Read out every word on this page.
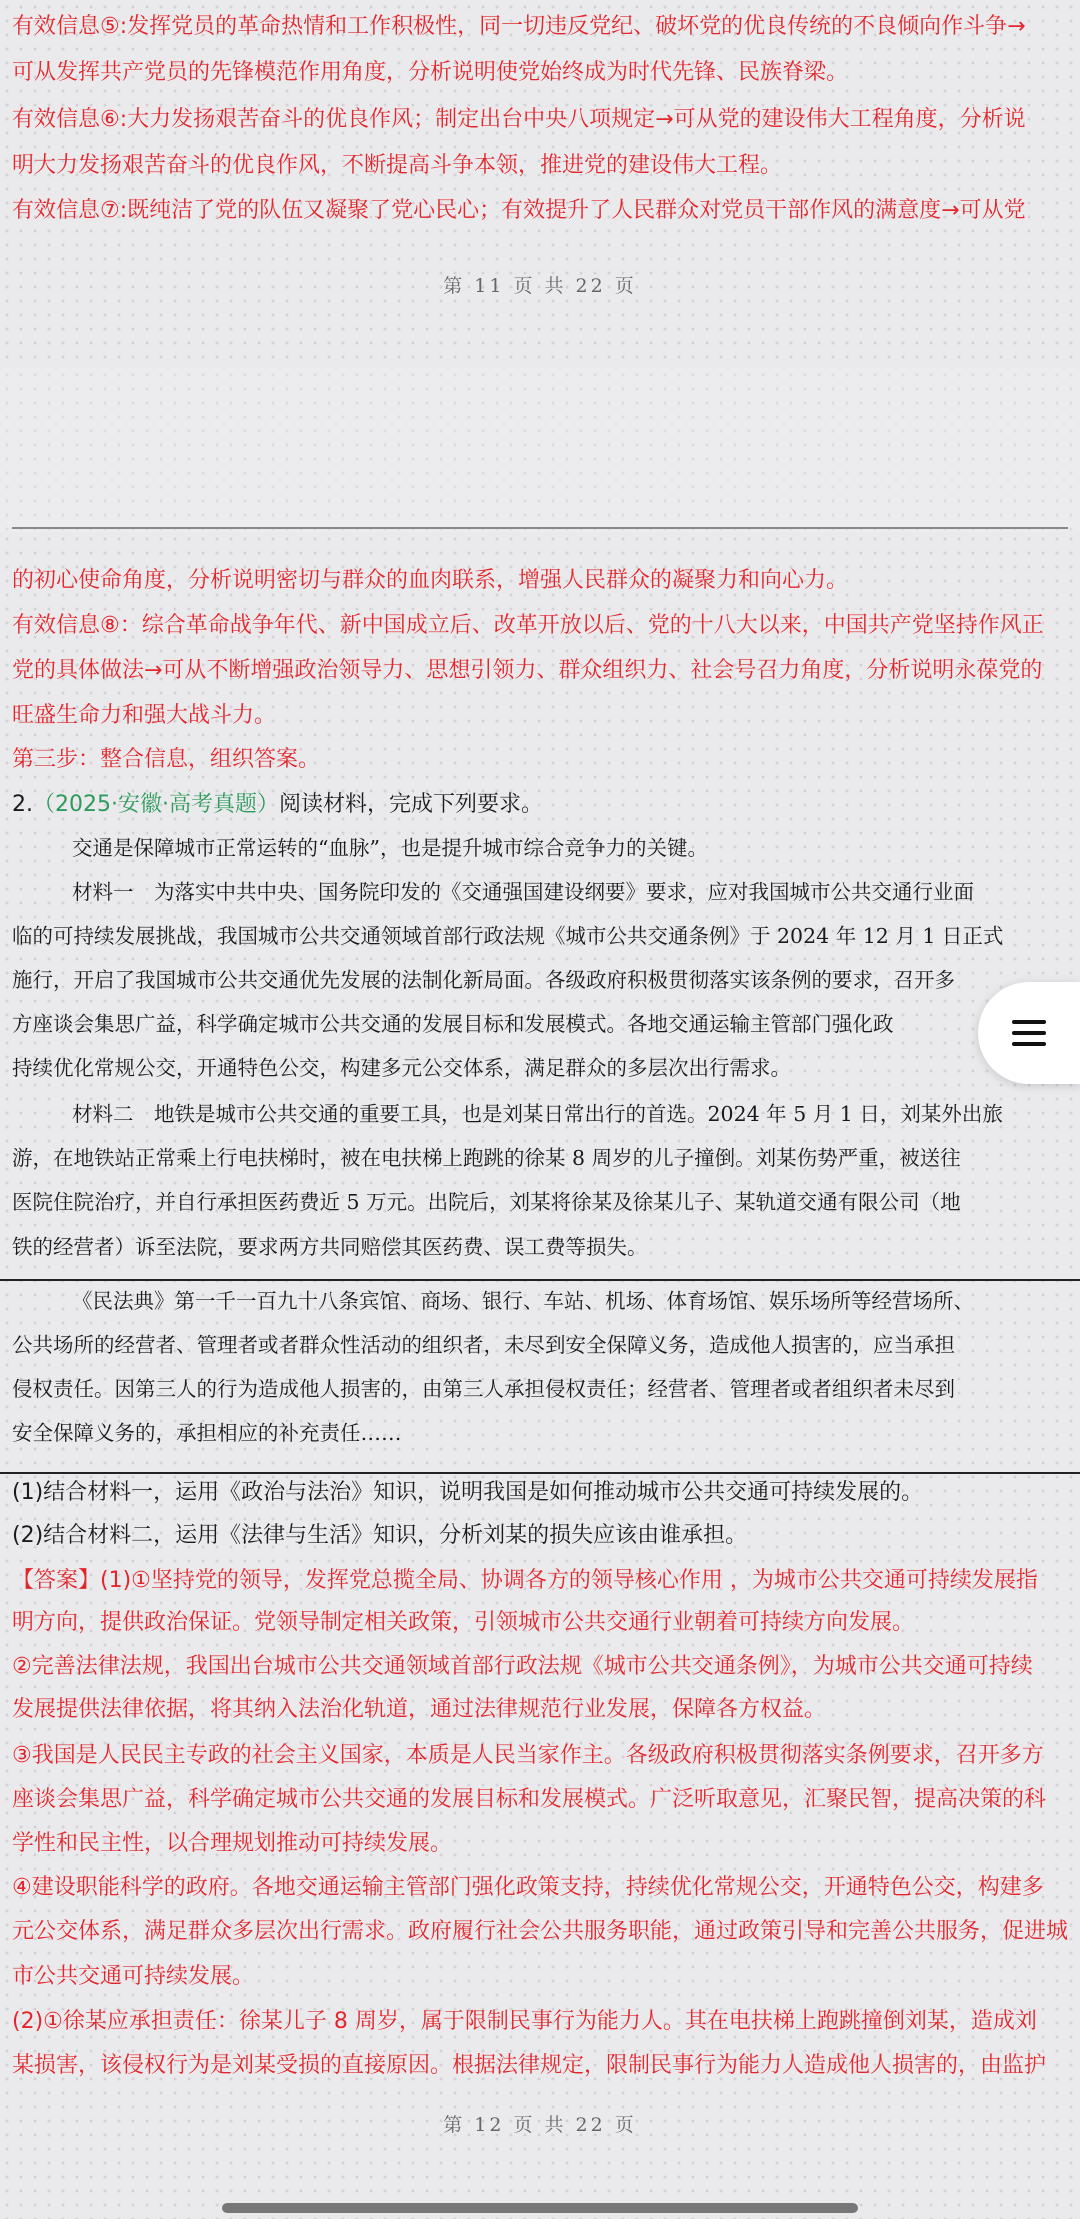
有效信息⑤:发挥党员的革命热情和工作积极性，同一切违反党纪、破坏党的优良传统的不良倾向作斗争→
可从发挥共产党员的先锋模范作用角度，分析说明使党始终成为时代先锋、民族脊梁。
有效信息⑥:大力发扬艰苦奋斗的优良作风；制定出台中央八项规定→可从党的建设伟大工程角度，分析说
明大力发扬艰苦奋斗的优良作风，不断提高斗争本领，推进党的建设伟大工程。
有效信息⑦:既纯洁了党的队伍又凝聚了党心民心；有效提升了人民群众对党员干部作风的满意度→可从党
第 11 页 共 22 页
的初心使命角度，分析说明密切与群众的血肉联系，增强人民群众的凝聚力和向心力。
有效信息⑧：综合革命战争年代、新中国成立后、改革开放以后、党的十八大以来，中国共产党坚持作风正
党的具体做法→可从不断增强政治领导力、思想引领力、群众组织力、社会号召力角度，分析说明永葆党的
旺盛生命力和强大战斗力。
第三步：整合信息，组织答案。
2.（2025·安徽·高考真题）阅读材料，完成下列要求。
交通是保障城市正常运转的“血脉”，也是提升城市综合竞争力的关键。
材料一　为落实中共中央、国务院印发的《交通强国建设纲要》要求，应对我国城市公共交通行业面
临的可持续发展挑战，我国城市公共交通领域首部行政法规《城市公共交通条例》于 2024 年 12 月 1 日正式
施行，开启了我国城市公共交通优先发展的法制化新局面。各级政府积极贯彻落实该条例的要求，召开多
方座谈会集思广益，科学确定城市公共交通的发展目标和发展模式。各地交通运输主管部门强化政
持续优化常规公交，开通特色公交，构建多元公交体系，满足群众的多层次出行需求。
材料二　地铁是城市公共交通的重要工具，也是刘某日常出行的首选。2024 年 5 月 1 日，刘某外出旅
游，在地铁站正常乘上行电扶梯时，被在电扶梯上跑跳的徐某 8 周岁的儿子撞倒。刘某伤势严重，被送往
医院住院治疗，并自行承担医药费近 5 万元。出院后，刘某将徐某及徐某儿子、某轨道交通有限公司（地
铁的经营者）诉至法院，要求两方共同赔偿其医药费、误工费等损失。
《民法典》第一千一百九十八条宾馆、商场、银行、车站、机场、体育场馆、娱乐场所等经营场所、
公共场所的经营者、管理者或者群众性活动的组织者，未尽到安全保障义务，造成他人损害的，应当承担
侵权责任。因第三人的行为造成他人损害的，由第三人承担侵权责任；经营者、管理者或者组织者未尽到
安全保障义务的，承担相应的补充责任……
(1)结合材料一，运用《政治与法治》知识，说明我国是如何推动城市公共交通可持续发展的。
(2)结合材料二，运用《法律与生活》知识，分析刘某的损失应该由谁承担。
【答案】(1)①坚持党的领导，发挥党总揽全局、协调各方的领导核心作用 ，为城市公共交通可持续发展指
明方向，提供政治保证。党领导制定相关政策，引领城市公共交通行业朝着可持续方向发展。
②完善法律法规，我国出台城市公共交通领域首部行政法规《城市公共交通条例》，为城市公共交通可持续
发展提供法律依据，将其纳入法治化轨道，通过法律规范行业发展，保障各方权益。
③我国是人民民主专政的社会主义国家，本质是人民当家作主。各级政府积极贯彻落实条例要求，召开多方
座谈会集思广益，科学确定城市公共交通的发展目标和发展模式。广泛听取意见，汇聚民智，提高决策的科
学性和民主性，以合理规划推动可持续发展。
④建设职能科学的政府。各地交通运输主管部门强化政策支持，持续优化常规公交，开通特色公交，构建多
元公交体系，满足群众多层次出行需求。政府履行社会公共服务职能，通过政策引导和完善公共服务，促进城
市公共交通可持续发展。
(2)①徐某应承担责任：徐某儿子 8 周岁，属于限制民事行为能力人。其在电扶梯上跑跳撞倒刘某，造成刘
某损害，该侵权行为是刘某受损的直接原因。根据法律规定，限制民事行为能力人造成他人损害的，由监护
第 12 页 共 22 页
